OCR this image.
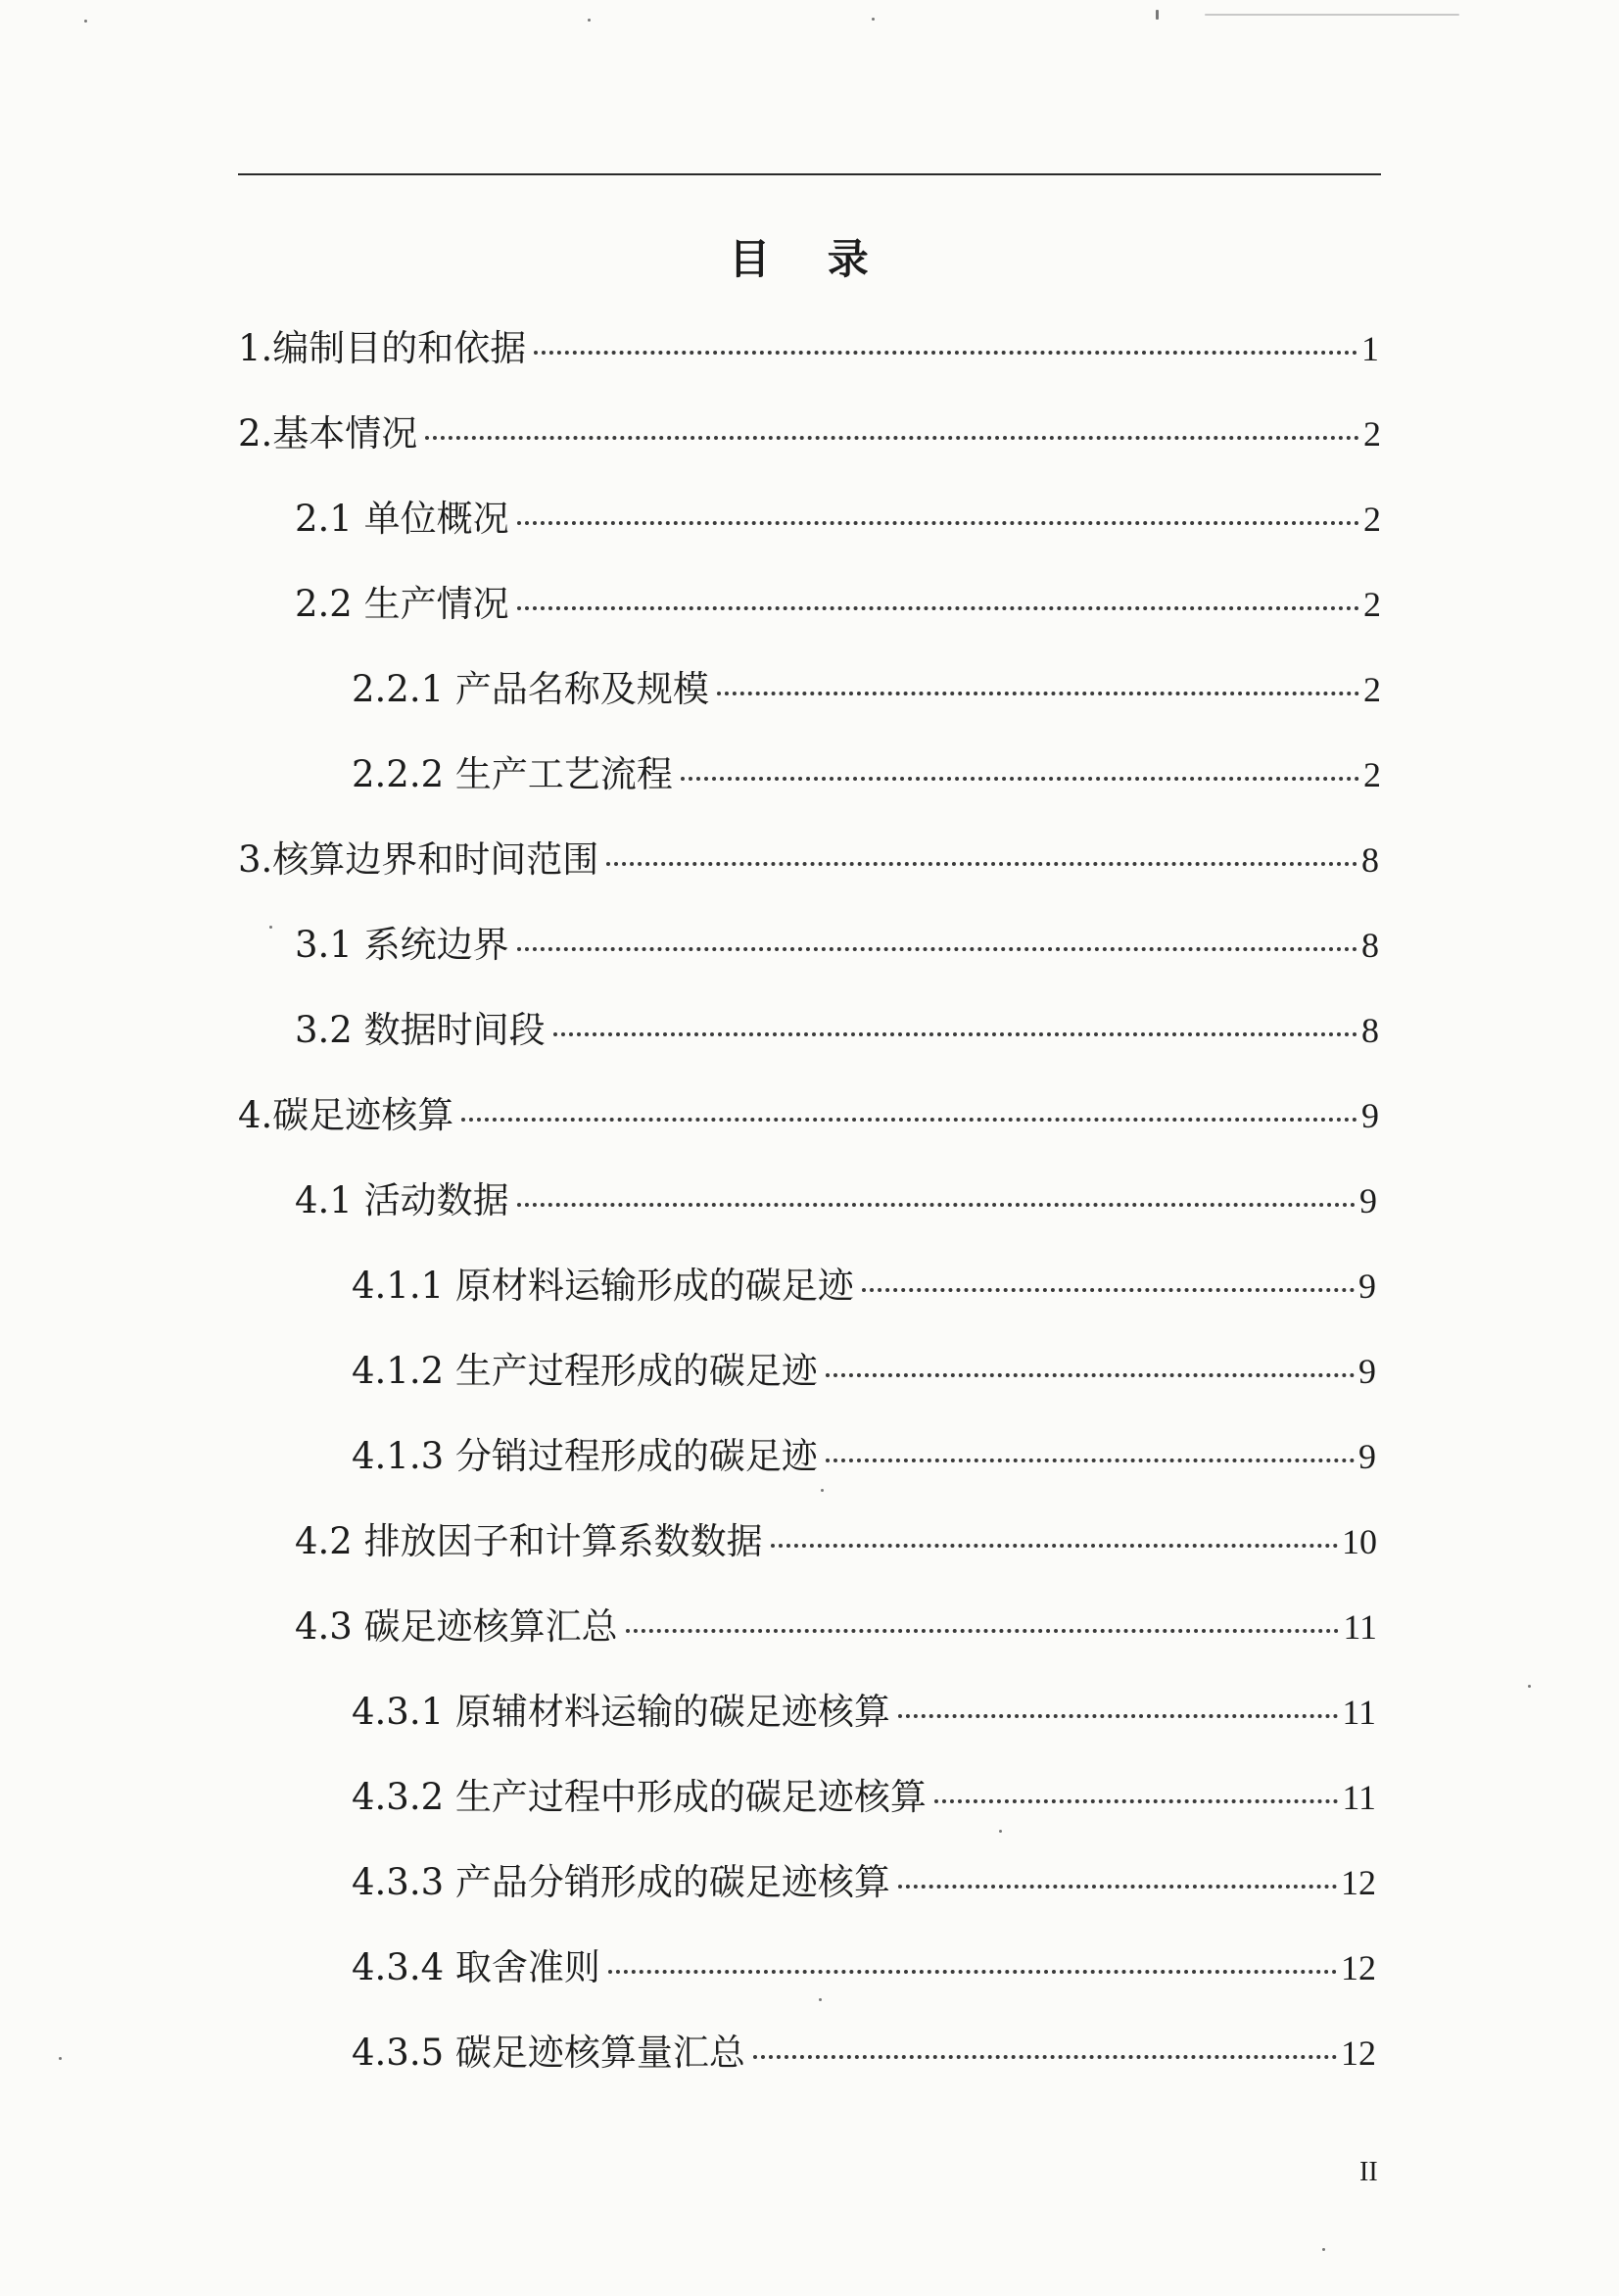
目 录
1.编制目的和依据	1
2.基本情况	2
2.1 单位概况	2
2.2 生产情况	2
2.2.1 产品名称及规模	2
2.2.2 生产工艺流程	2
3.核算边界和时间范围	8
3.1 系统边界	8
3.2 数据时间段	8
4.碳足迹核算	9
4.1 活动数据	9
4.1.1 原材料运输形成的碳足迹	9
4.1.2 生产过程形成的碳足迹	9
4.1.3 分销过程形成的碳足迹	9
4.2 排放因子和计算系数数据	10
4.3 碳足迹核算汇总	11
4.3.1 原辅材料运输的碳足迹核算	11
4.3.2 生产过程中形成的碳足迹核算	11
4.3.3 产品分销形成的碳足迹核算	12
4.3.4 取舍准则	12
4.3.5 碳足迹核算量汇总	12
II
